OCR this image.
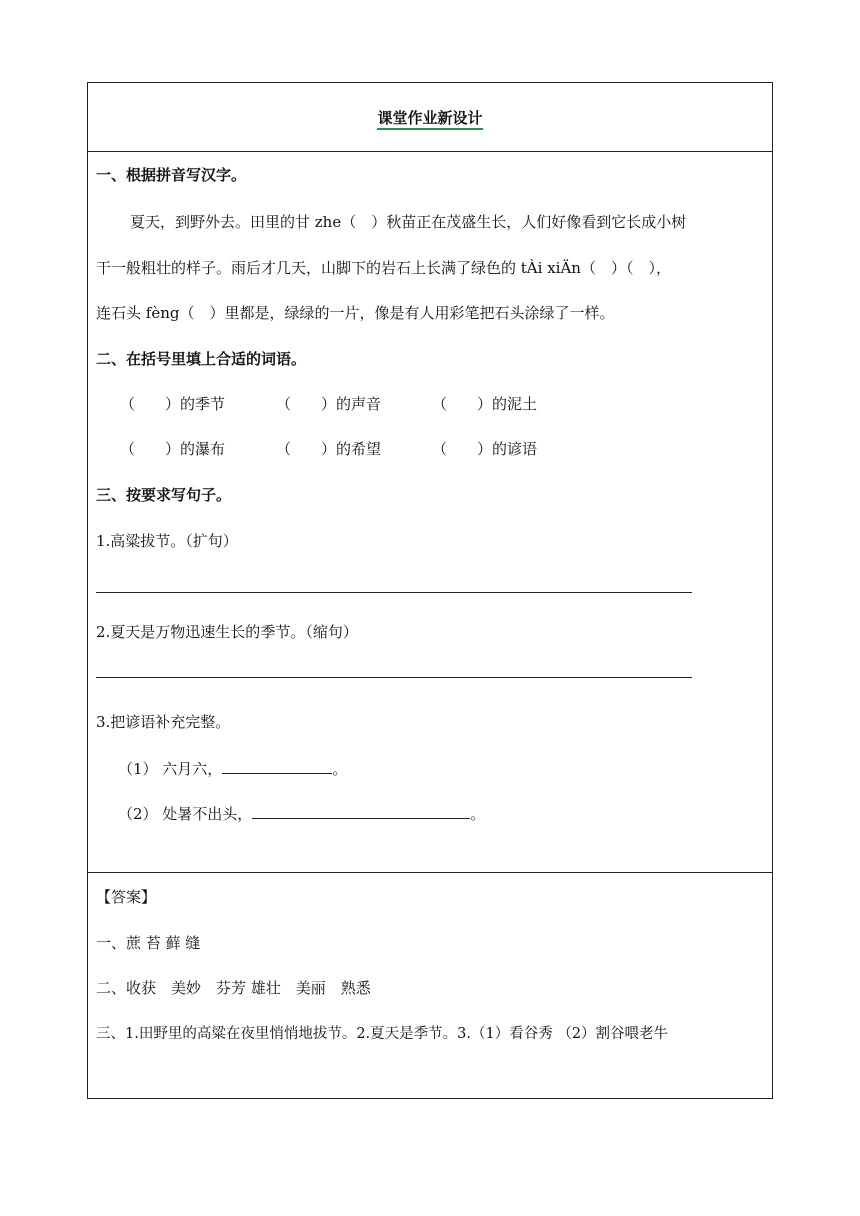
课堂作业新设计
一、根据拼音写汉字。
夏天，到野外去。田里的甘 zhe（　）秋苗正在茂盛生长，人们好像看到它长成小树
干一般粗壮的样子。雨后才几天，山脚下的岩石上长满了绿色的 tÀi xiÄn（　）（　），
连石头 fèng（　）里都是，绿绿的一片，像是有人用彩笔把石头涂绿了一样。
二、在括号里填上合适的词语。
（　　）的季节	（　　）的声音	（　　）的泥土
（　　）的瀑布	（　　）的希望	（　　）的谚语
三、按要求写句子。
1.高粱拔节。（扩句）
2.夏天是万物迅速生长的季节。（缩句）
3.把谚语补充完整。
（1） 六月六，	。
（2） 处暑不出头，	。
【答案】
一、蔗 苔 藓 缝
二、收获　美妙　芬芳 雄壮　美丽　熟悉
三、1.田野里的高粱在夜里悄悄地拔节。2.夏天是季节。3.（1）看谷秀 （2）割谷喂老牛
